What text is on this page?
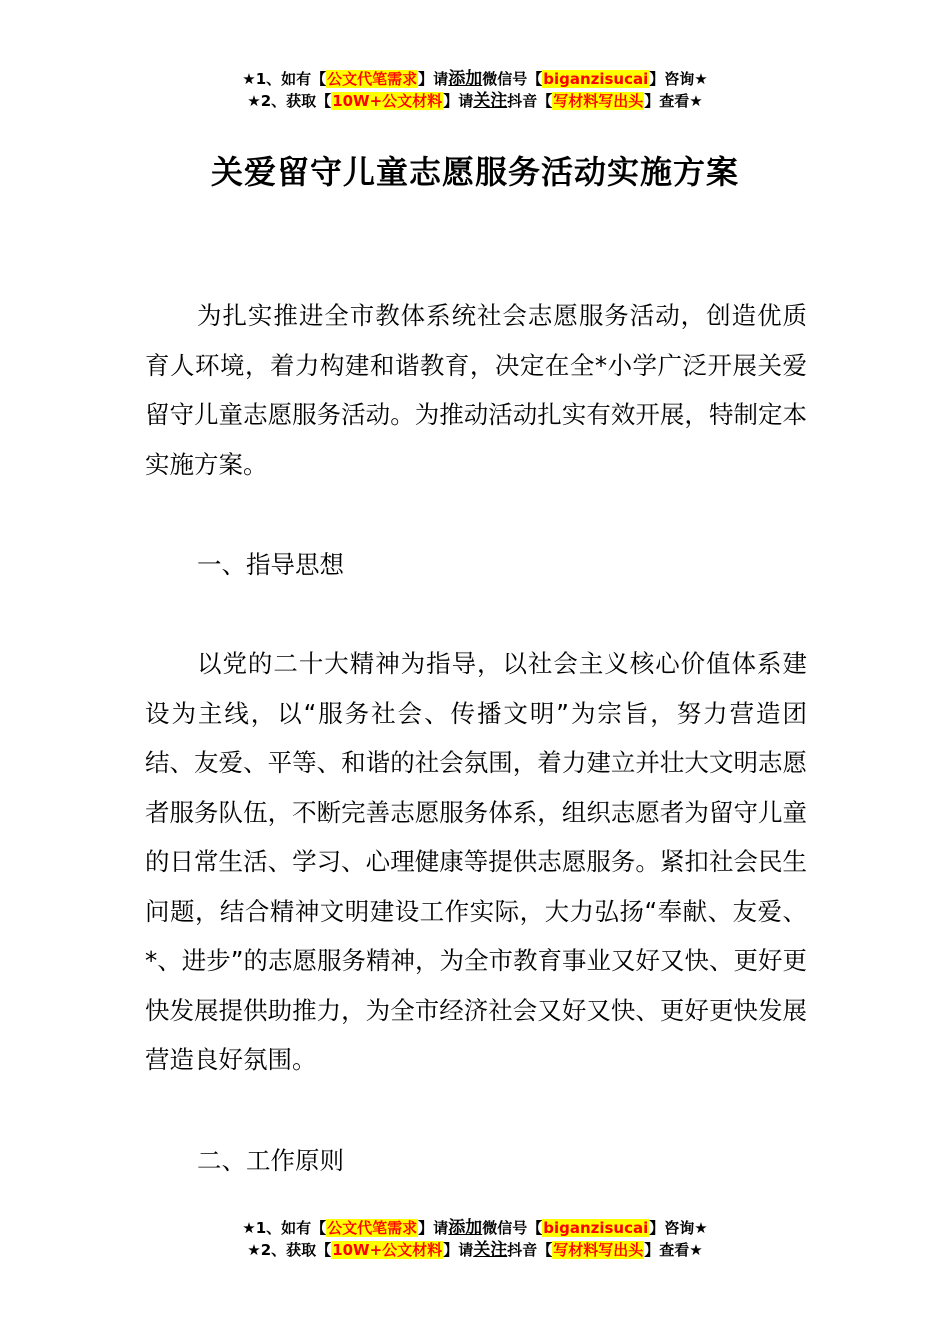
★1、如有【公文代笔需求】请添加微信号【biganzisucai】咨询★
★2、获取【10W+公文材料】请关注抖音【写材料写出头】查看★
关爱留守儿童志愿服务活动实施方案

为扎实推进全市教体系统社会志愿服务活动，创造优质育人环境，着力构建和谐教育，决定在全*小学广泛开展关爱留守儿童志愿服务活动。为推动活动扎实有效开展，特制定本实施方案。

一、指导思想

以党的二十大精神为指导，以社会主义核心价值体系建设为主线，以“服务社会、传播文明”为宗旨，努力营造团结、友爱、平等、和谐的社会氛围，着力建立并壮大文明志愿者服务队伍，不断完善志愿服务体系，组织志愿者为留守儿童的日常生活、学习、心理健康等提供志愿服务。紧扣社会民生问题，结合精神文明建设工作实际，大力弘扬“奉献、友爱、*、进步”的志愿服务精神，为全市教育事业又好又快、更好更快发展提供助推力，为全市经济社会又好又快、更好更快发展营造良好氛围。

二、工作原则

★1、如有【公文代笔需求】请添加微信号【biganzisucai】咨询★
★2、获取【10W+公文材料】请关注抖音【写材料写出头】查看★
